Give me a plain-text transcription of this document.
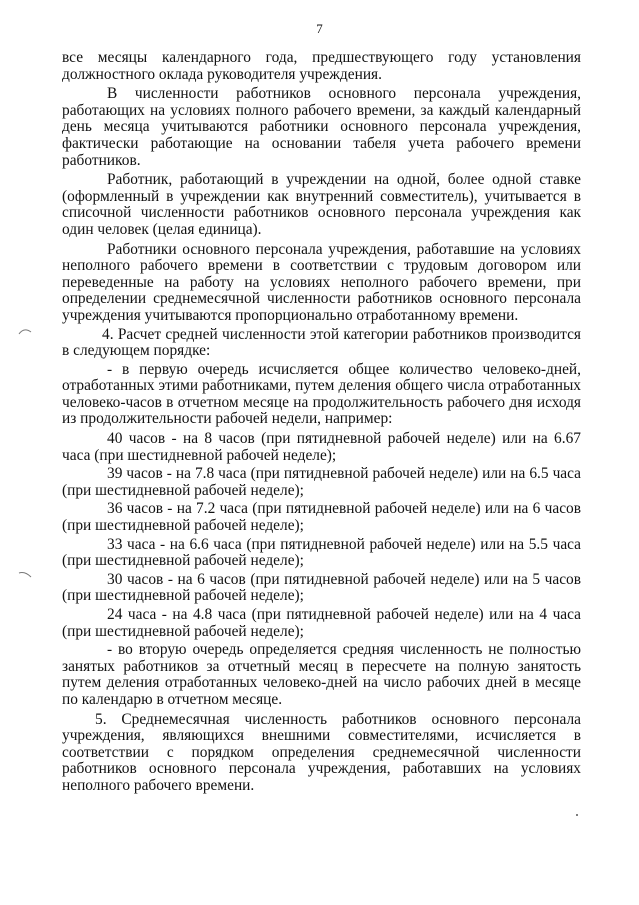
7

все месяцы календарного года, предшествующего году установления должностного оклада руководителя учреждения.

В численности работников основного персонала учреждения, работающих на условиях полного рабочего времени, за каждый календарный день месяца учитываются работники основного персонала учреждения, фактически работающие на основании табеля учета рабочего времени работников.

Работник, работающий в учреждении на одной, более одной ставке (оформленный в учреждении как внутренний совместитель), учитывается в списочной численности работников основного персонала учреждения как один человек (целая единица).

Работники основного персонала учреждения, работавшие на условиях неполного рабочего времени в соответствии с трудовым договором или переведенные на работу на условиях неполного рабочего времени, при определении среднемесячной численности работников основного персонала учреждения учитываются пропорционально отработанному времени.

4. Расчет средней численности этой категории работников производится в следующем порядке:

- в первую очередь исчисляется общее количество человеко-дней, отработанных этими работниками, путем деления общего числа отработанных человеко-часов в отчетном месяце на продолжительность рабочего дня исходя из продолжительности рабочей недели, например:

40 часов - на 8 часов (при пятидневной рабочей неделе) или на 6.67 часа (при шестидневной рабочей неделе);

39 часов - на 7.8 часа (при пятидневной рабочей неделе) или на 6.5 часа (при шестидневной рабочей неделе);

36 часов - на 7.2 часа (при пятидневной рабочей неделе) или на 6 часов (при шестидневной рабочей неделе);

33 часа - на 6.6 часа (при пятидневной рабочей неделе) или на 5.5 часа (при шестидневной рабочей неделе);

30 часов - на 6 часов (при пятидневной рабочей неделе) или на 5 часов (при шестидневной рабочей неделе);

24 часа - на 4.8 часа (при пятидневной рабочей неделе) или на 4 часа (при шестидневной рабочей неделе);

- во вторую очередь определяется средняя численность не полностью занятых работников за отчетный месяц в пересчете на полную занятость путем деления отработанных человеко-дней на число рабочих дней в месяце по календарю в отчетном месяце.

5. Среднемесячная численность работников основного персонала учреждения, являющихся внешними совместителями, исчисляется в соответствии с порядком определения среднемесячной численности работников основного персонала учреждения, работавших на условиях неполного рабочего времени.
